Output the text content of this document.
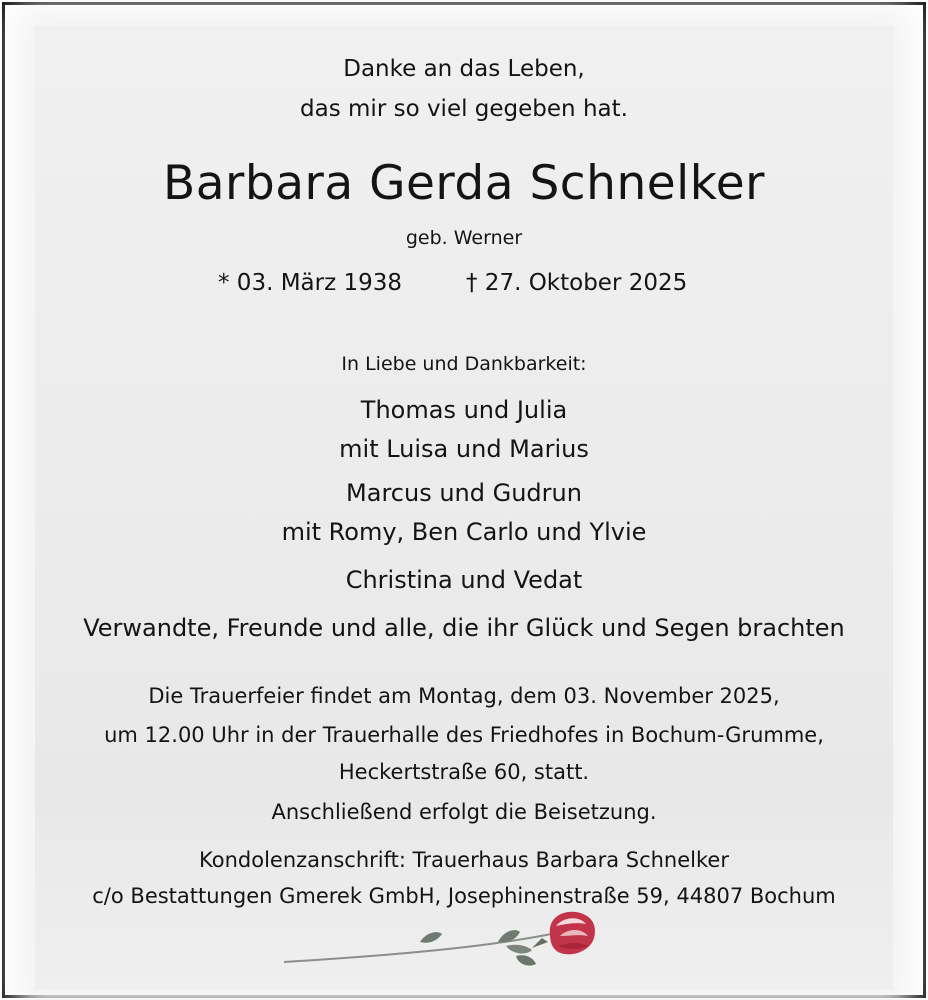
Danke an das Leben,
das mir so viel gegeben hat.
Barbara Gerda Schnelker
geb. Werner
* 03. März 1938	† 27. Oktober 2025
In Liebe und Dankbarkeit:
Thomas und Julia
mit Luisa und Marius
Marcus und Gudrun
mit Romy, Ben Carlo und Ylvie
Christina und Vedat
Verwandte, Freunde und alle, die ihr Glück und Segen brachten
Die Trauerfeier findet am Montag, dem 03. November 2025,
um 12.00 Uhr in der Trauerhalle des Friedhofes in Bochum-Grumme,
Heckertstraße 60, statt.
Anschließend erfolgt die Beisetzung.
Kondolenzanschrift: Trauerhaus Barbara Schnelker
c/o Bestattungen Gmerek GmbH, Josephinenstraße 59, 44807 Bochum
